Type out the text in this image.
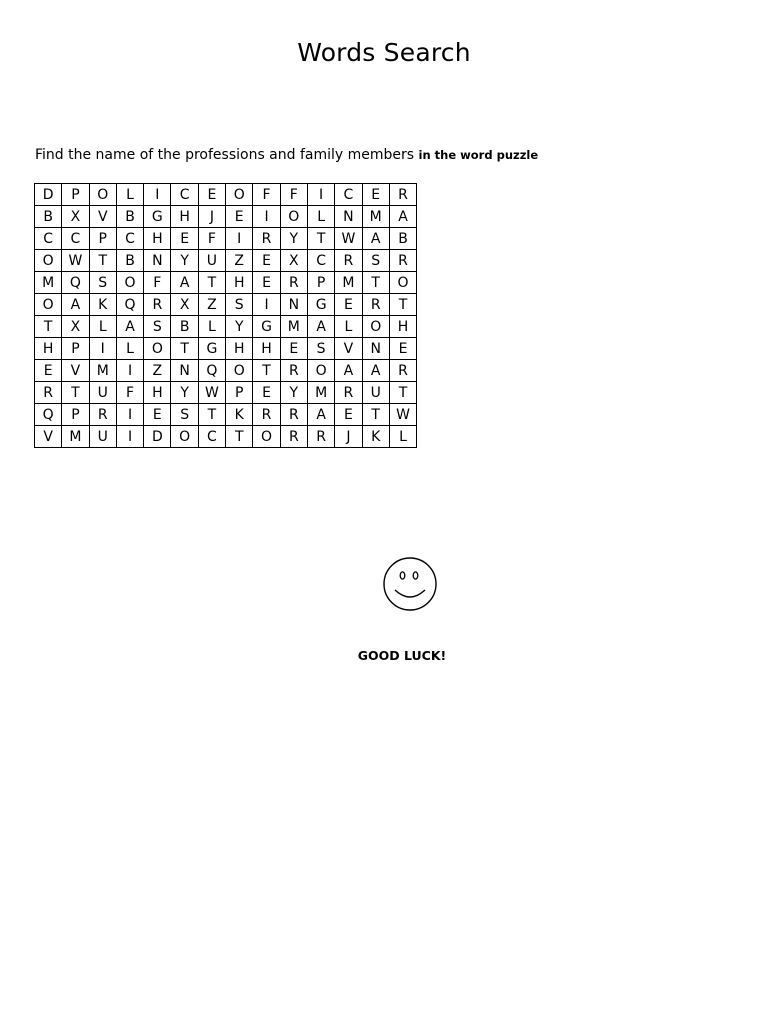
Words Search
Find the name of the professions and family members in the word puzzle
D	P	O	L	I	C	E	O	F	F	I	C	E	R
B	X	V	B	G	H	J	E	I	O	L	N	M	A
C	C	P	C	H	E	F	I	R	Y	T	W	A	B
O	W	T	B	N	Y	U	Z	E	X	C	R	S	R
M	Q	S	O	F	A	T	H	E	R	P	M	T	O
O	A	K	Q	R	X	Z	S	I	N	G	E	R	T
T	X	L	A	S	B	L	Y	G	M	A	L	O	H
H	P	I	L	O	T	G	H	H	E	S	V	N	E
E	V	M	I	Z	N	Q	O	T	R	O	A	A	R
R	T	U	F	H	Y	W	P	E	Y	M	R	U	T
Q	P	R	I	E	S	T	K	R	R	A	E	T	W
V	M	U	I	D	O	C	T	O	R	R	J	K	L
GOOD LUCK!
